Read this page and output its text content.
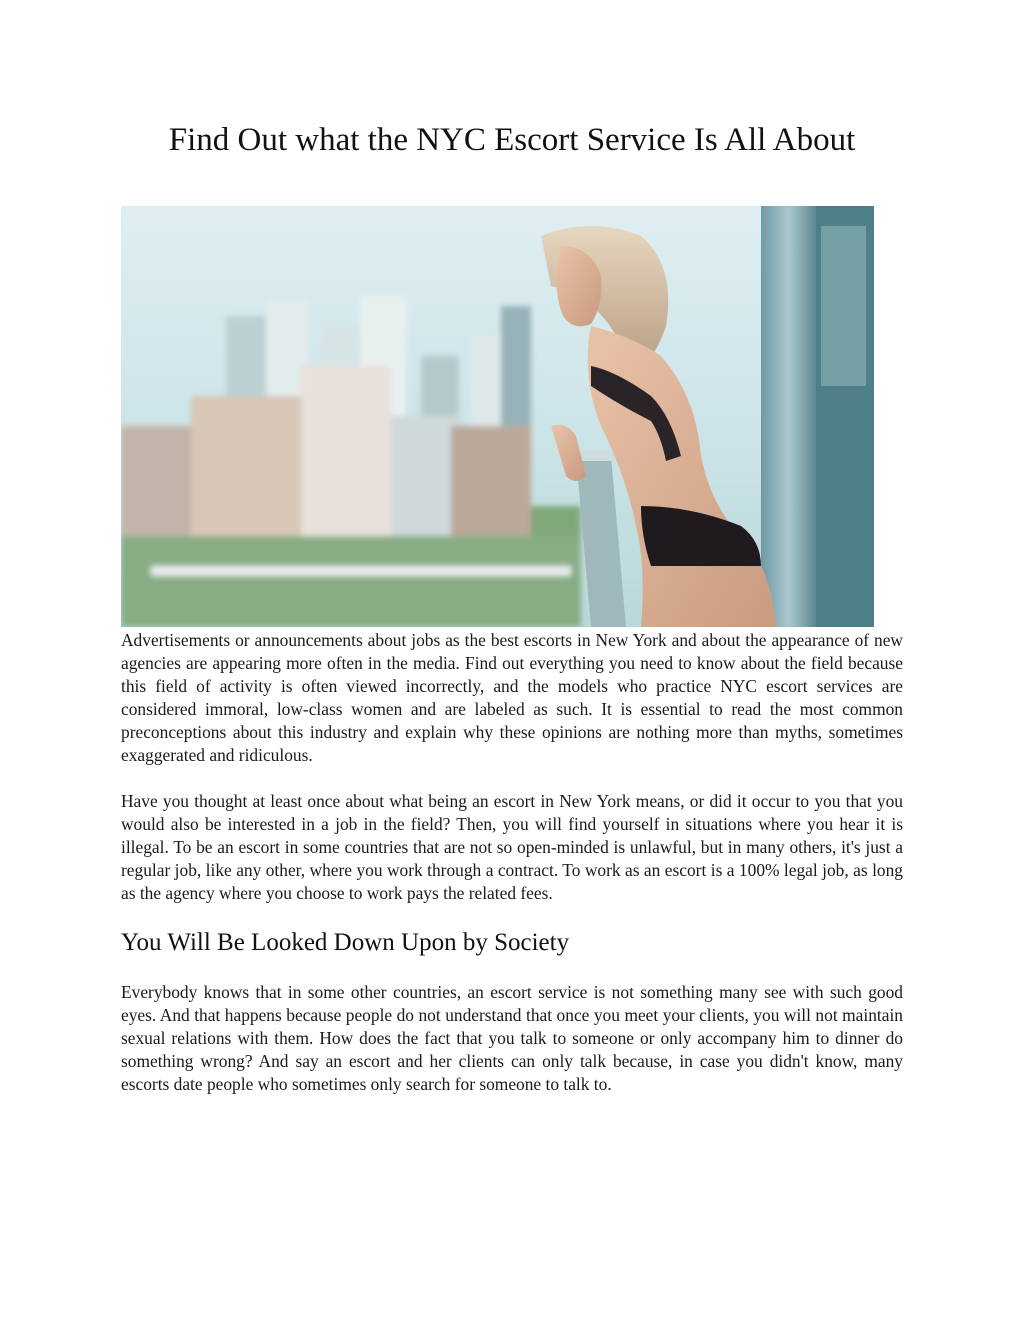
Find Out what the NYC Escort Service Is All About

Advertisements or announcements about jobs as the best escorts in New York and about the appearance of new agencies are appearing more often in the media. Find out everything you need to know about the field because this field of activity is often viewed incorrectly, and the models who practice NYC escort services are considered immoral, low-class women and are labeled as such. It is essential to read the most common preconceptions about this industry and explain why these opinions are nothing more than myths, sometimes exaggerated and ridiculous.

Have you thought at least once about what being an escort in New York means, or did it occur to you that you would also be interested in a job in the field? Then, you will find yourself in situations where you hear it is illegal. To be an escort in some countries that are not so open-minded is unlawful, but in many others, it's just a regular job, like any other, where you work through a contract. To work as an escort is a 100% legal job, as long as the agency where you choose to work pays the related fees.

You Will Be Looked Down Upon by Society

Everybody knows that in some other countries, an escort service is not something many see with such good eyes. And that happens because people do not understand that once you meet your clients, you will not maintain sexual relations with them. How does the fact that you talk to someone or only accompany him to dinner do something wrong? And say an escort and her clients can only talk because, in case you didn't know, many escorts date people who sometimes only search for someone to talk to.
